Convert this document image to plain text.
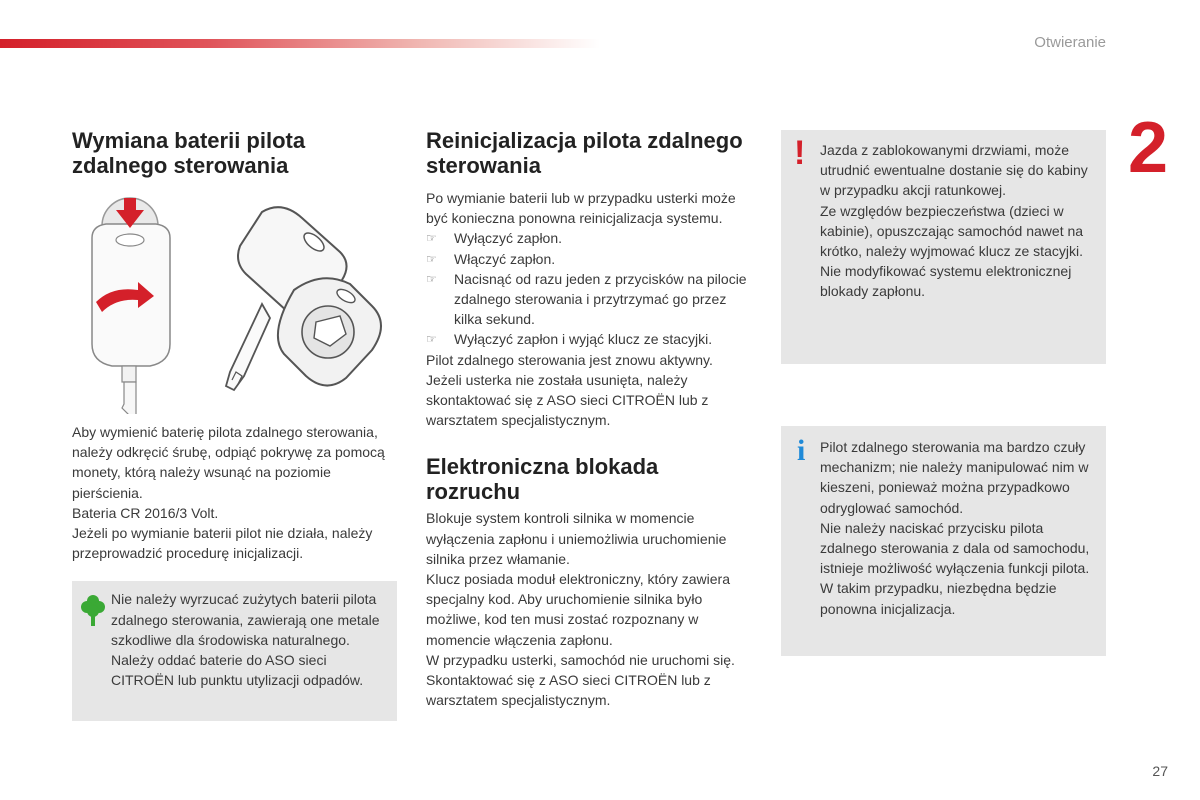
Otwieranie
2
27
Wymiana baterii pilota zdalnego sterowania

Aby wymienić baterię pilota zdalnego sterowania, należy odkręcić śrubę, odpiąć pokrywę za pomocą monety, którą należy wsunąć na poziomie pierścienia.

Bateria CR 2016/3 Volt.

Jeżeli po wymianie baterii pilot nie działa, należy przeprowadzić procedurę inicjalizacji.

Nie należy wyrzucać zużytych baterii pilota zdalnego sterowania, zawierają one metale szkodliwe dla środowiska naturalnego.

Należy oddać baterie do ASO sieci CITROËN lub punktu utylizacji odpadów.

Reinicjalizacja pilota zdalnego sterowania

Po wymianie baterii lub w przypadku usterki może być konieczna ponowna reinicjalizacja systemu.

☞	Wyłączyć zapłon.
☞	Włączyć zapłon.
☞	Nacisnąć od razu jeden z przycisków na pilocie zdalnego sterowania i przytrzymać go przez kilka sekund.
☞	Wyłączyć zapłon i wyjąć klucz ze stacyjki.

Pilot zdalnego sterowania jest znowu aktywny.

Jeżeli usterka nie została usunięta, należy skontaktować się z ASO sieci CITROËN lub z warsztatem specjalistycznym.

Elektroniczna blokada rozruchu

Blokuje system kontroli silnika w momencie wyłączenia zapłonu i uniemożliwia uruchomienie silnika przez włamanie.

Klucz posiada moduł elektroniczny, który zawiera specjalny kod. Aby uruchomienie silnika było możliwe, kod ten musi zostać rozpoznany w momencie włączenia zapłonu.

W przypadku usterki, samochód nie uruchomi się.

Skontaktować się z ASO sieci CITROËN lub z warsztatem specjalistycznym.

! Jazda z zablokowanymi drzwiami, może utrudnić ewentualne dostanie się do kabiny w przypadku akcji ratunkowej.

Ze względów bezpieczeństwa (dzieci w kabinie), opuszczając samochód nawet na krótko, należy wyjmować klucz ze stacyjki.

Nie modyfikować systemu elektronicznej blokady zapłonu.

i Pilot zdalnego sterowania ma bardzo czuły mechanizm; nie należy manipulować nim w kieszeni, ponieważ można przypadkowo odryglować samochód.

Nie należy naciskać przycisku pilota zdalnego sterowania z dala od samochodu, istnieje możliwość wyłączenia funkcji pilota. W takim przypadku, niezbędna będzie ponowna inicjalizacja.
